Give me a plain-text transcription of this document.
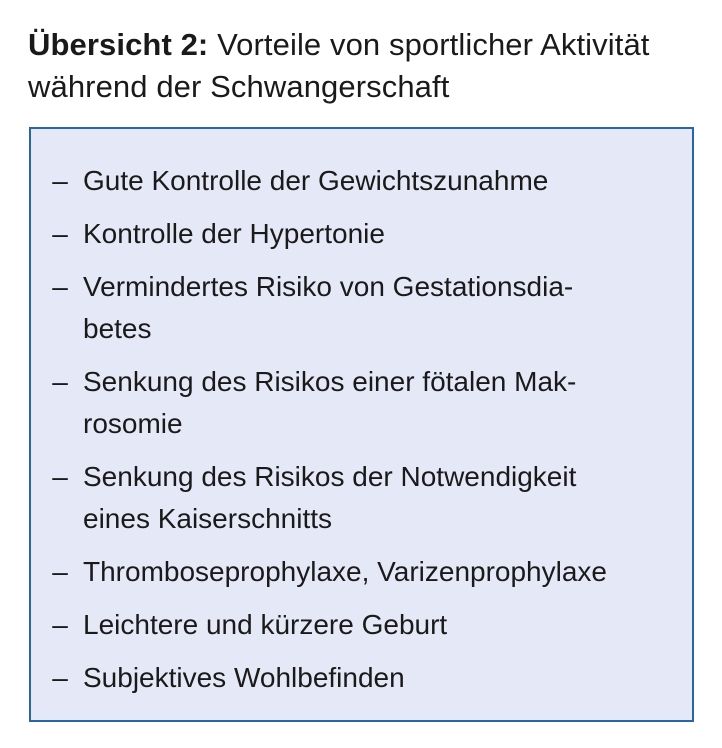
Übersicht 2: Vorteile von sportlicher Aktivität während der Schwangerschaft
– Gute Kontrolle der Gewichtszunahme
– Kontrolle der Hypertonie
– Vermindertes Risiko von Gestationsdia-
betes
– Senkung des Risikos einer fötalen Mak-
rosomie
– Senkung des Risikos der Notwendigkeit
eines Kaiserschnitts
– Thromboseprophylaxe, Varizenprophylaxe
– Leichtere und kürzere Geburt
– Subjektives Wohlbefinden
